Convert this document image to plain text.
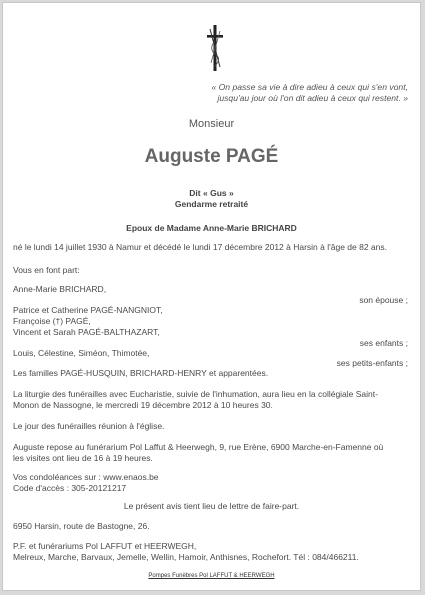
« On passe sa vie à dire adieu à ceux qui s'en vont,
jusqu'au jour où l'on dit adieu à ceux qui restent. »
Monsieur
Auguste PAGÉ
Dit « Gus »
Gendarme retraité
Epoux de Madame Anne-Marie BRICHARD
né le lundi 14 juillet 1930 à Namur et décédé le lundi 17 décembre 2012 à Harsin à l'âge de 82 ans.
Vous en font part:
Anne-Marie BRICHARD,
son épouse ;
Patrice et Catherine PAGÉ-NANGNIOT,
Françoise (†) PAGÉ,
Vincent et Sarah PAGÉ-BALTHAZART,
ses enfants ;
Louis, Célestine, Siméon, Thimotée,
ses petits-enfants ;
Les familles PAGÉ-HUSQUIN, BRICHARD-HENRY et apparentées.
La liturgie des funérailles avec Eucharistie, suivie de l'inhumation, aura lieu en la collégiale Saint-
Monon de Nassogne, le mercredi 19 décembre 2012 à 10 heures 30.
Le jour des funérailles réunion à l'église.
Auguste repose au funérarium Pol Laffut & Heerwegh, 9, rue Erène, 6900 Marche-en-Famenne où
les visites ont lieu de 16 à 19 heures.
Vos condoléances sur : www.enaos.be
Code d'accès : 305-20121217
Le présent avis tient lieu de lettre de faire-part.
6950 Harsin, route de Bastogne, 26.
P.F. et funérariums Pol LAFFUT et HEERWEGH,
Melreux, Marche, Barvaux, Jemelle, Wellin, Hamoir, Anthisnes, Rochefort. Tél : 084/466211.
Pompes Funèbres Pol LAFFUT & HEERWEGH
